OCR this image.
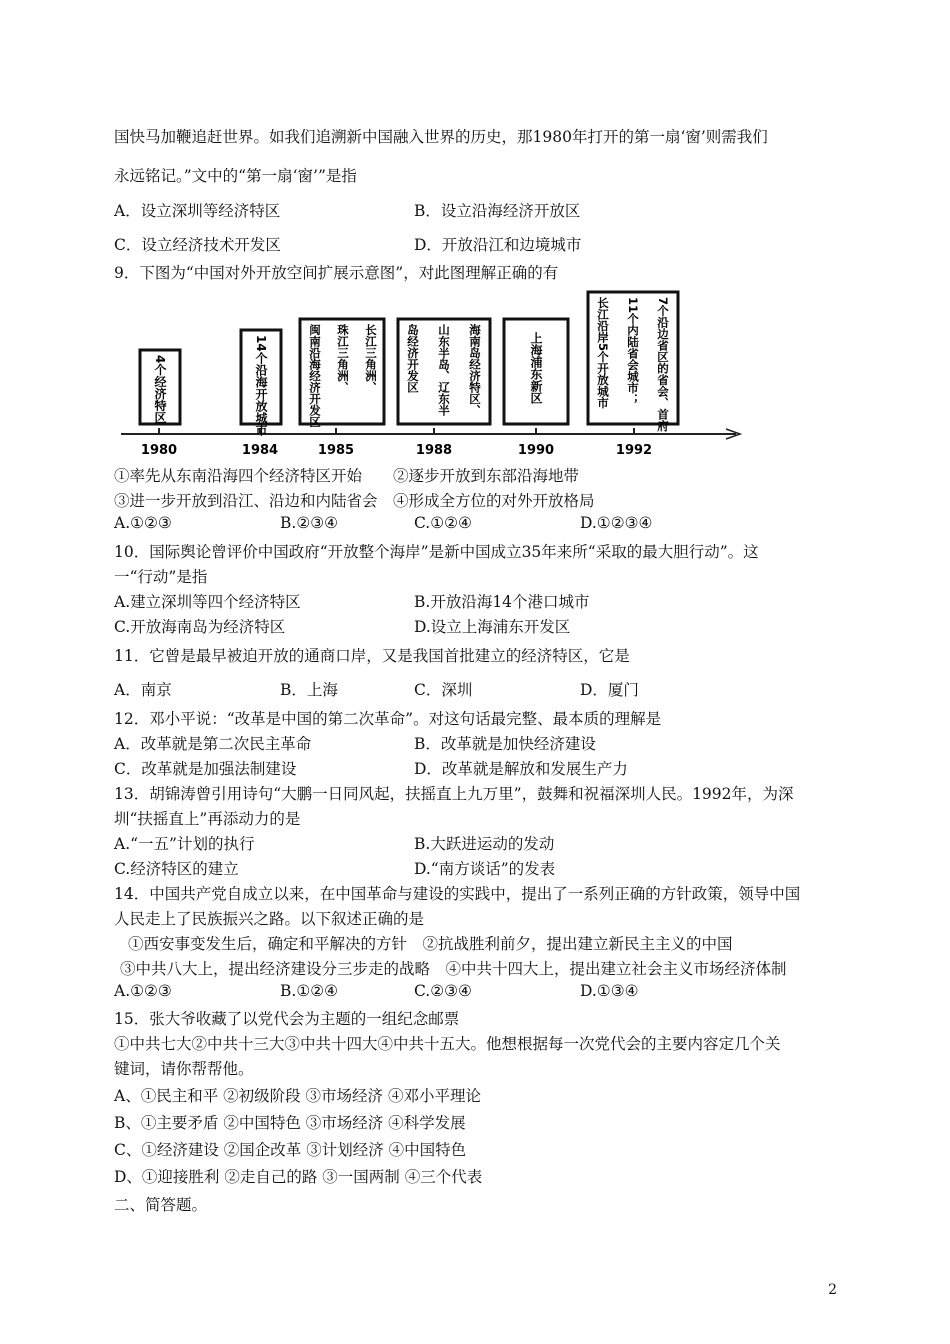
国快马加鞭追赶世界。如我们追溯新中国融入世界的历史，那1980年打开的第一扇‘窗’则需我们
永远铭记。”文中的“第一扇‘窗’”是指
A．设立深圳等经济特区	B．设立沿海经济开放区
C．设立经济技术开发区	D．开放沿江和边境城市
9．下图为“中国对外开放空间扩展示意图”，对此图理解正确的有
1980	1984	1985	1988	1990	1992
4个经济特区	14个沿海开放城市	长江三角洲、
珠江三角洲、
闽南沿海经济开发区	海南岛经济特区、
山东半岛、辽东半
岛经济开发区	上海浦东新区	7个沿边省区的省会、首府
11个内陆省会城市；
长江沿岸5个开放城市
①率先从东南沿海四个经济特区开始　　②逐步开放到东部沿海地带
③进一步开放到沿江、沿边和内陆省会　④形成全方位的对外开放格局
A.①②③	B.②③④	C.①②④	D.①②③④
10．国际舆论曾评价中国政府“开放整个海岸”是新中国成立35年来所“采取的最大胆行动”。这
一“行动”是指
A.建立深圳等四个经济特区	B.开放沿海14个港口城市
C.开放海南岛为经济特区	D.设立上海浦东开发区
11．它曾是最早被迫开放的通商口岸，又是我国首批建立的经济特区，它是
A．南京	B．上海	C．深圳	D．厦门
12．邓小平说：“改革是中国的第二次革命”。对这句话最完整、最本质的理解是
A．改革就是第二次民主革命	B．改革就是加快经济建设
C．改革就是加强法制建设	D．改革就是解放和发展生产力
13．胡锦涛曾引用诗句“大鹏一日同风起，扶摇直上九万里”，鼓舞和祝福深圳人民。1992年，为深
圳“扶摇直上”再添动力的是
A.“一五”计划的执行	B.大跃进运动的发动
C.经济特区的建立	D.“南方谈话”的发表
14．中国共产党自成立以来，在中国革命与建设的实践中，提出了一系列正确的方针政策，领导中国
人民走上了民族振兴之路。以下叙述正确的是
①西安事变发生后，确定和平解决的方针　②抗战胜利前夕，提出建立新民主主义的中国
③中共八大上，提出经济建设分三步走的战略　④中共十四大上，提出建立社会主义市场经济体制
A.①②③	B.①②④	C.②③④	D.①③④
15．张大爷收藏了以党代会为主题的一组纪念邮票
①中共七大②中共十三大③中共十四大④中共十五大。他想根据每一次党代会的主要内容定几个关
键词，请你帮帮他。
A、①民主和平 ②初级阶段 ③市场经济 ④邓小平理论
B、①主要矛盾 ②中国特色 ③市场经济 ④科学发展
C、①经济建设 ②国企改革 ③计划经济 ④中国特色
D、①迎接胜利 ②走自己的路 ③一国两制 ④三个代表
二、简答题。
2
